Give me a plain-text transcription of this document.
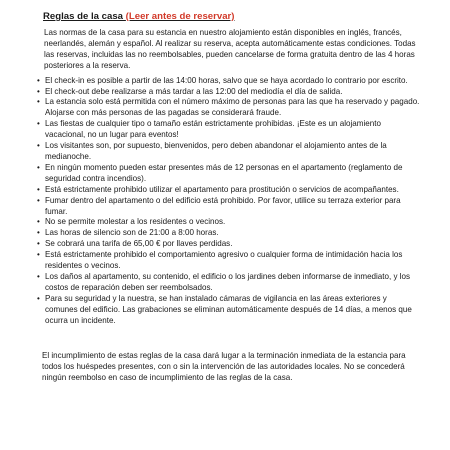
Reglas de la casa (Leer antes de reservar)

Las normas de la casa para su estancia en nuestro alojamiento están disponibles en inglés, francés, neerlandés, alemán y español. Al realizar su reserva, acepta automáticamente estas condiciones. Todas las reservas, incluidas las no reembolsables, pueden cancelarse de forma gratuita dentro de las 4 horas posteriores a la reserva.

• El check-in es posible a partir de las 14:00 horas, salvo que se haya acordado lo contrario por escrito.
• El check-out debe realizarse a más tardar a las 12:00 del mediodía el día de salida.
• La estancia solo está permitida con el número máximo de personas para las que ha reservado y pagado. Alojarse con más personas de las pagadas se considerará fraude.
• Las fiestas de cualquier tipo o tamaño están estrictamente prohibidas. ¡Este es un alojamiento vacacional, no un lugar para eventos!
• Los visitantes son, por supuesto, bienvenidos, pero deben abandonar el alojamiento antes de la medianoche.
• En ningún momento pueden estar presentes más de 12 personas en el apartamento (reglamento de seguridad contra incendios).
• Está estrictamente prohibido utilizar el apartamento para prostitución o servicios de acompañantes.
• Fumar dentro del apartamento o del edificio está prohibido. Por favor, utilice su terraza exterior para fumar.
• No se permite molestar a los residentes o vecinos.
• Las horas de silencio son de 21:00 a 8:00 horas.
• Se cobrará una tarifa de 65,00 € por llaves perdidas.
• Está estrictamente prohibido el comportamiento agresivo o cualquier forma de intimidación hacia los residentes o vecinos.
• Los daños al apartamento, su contenido, el edificio o los jardines deben informarse de inmediato, y los costos de reparación deben ser reembolsados.
• Para su seguridad y la nuestra, se han instalado cámaras de vigilancia en las áreas exteriores y comunes del edificio. Las grabaciones se eliminan automáticamente después de 14 días, a menos que ocurra un incidente.

El incumplimiento de estas reglas de la casa dará lugar a la terminación inmediata de la estancia para todos los huéspedes presentes, con o sin la intervención de las autoridades locales. No se concederá ningún reembolso en caso de incumplimiento de las reglas de la casa.
